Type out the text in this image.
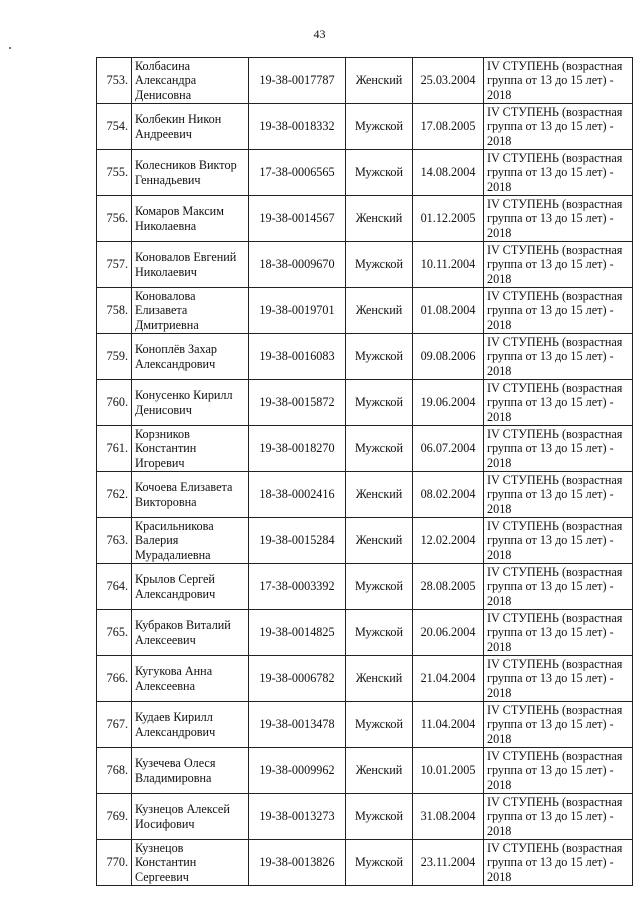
43
753.	Колбасина Александра Денисовна	19-38-0017787	Женский	25.03.2004	IV СТУПЕНЬ (возрастная группа от 13 до 15 лет) - 2018
754.	Колбекин Никон Андреевич	19-38-0018332	Мужской	17.08.2005	IV СТУПЕНЬ (возрастная группа от 13 до 15 лет) - 2018
755.	Колесников Виктор Геннадьевич	17-38-0006565	Мужской	14.08.2004	IV СТУПЕНЬ (возрастная группа от 13 до 15 лет) - 2018
756.	Комаров Максим Николаевна	19-38-0014567	Женский	01.12.2005	IV СТУПЕНЬ (возрастная группа от 13 до 15 лет) - 2018
757.	Коновалов Евгений Николаевич	18-38-0009670	Мужской	10.11.2004	IV СТУПЕНЬ (возрастная группа от 13 до 15 лет) - 2018
758.	Коновалова Елизавета Дмитриевна	19-38-0019701	Женский	01.08.2004	IV СТУПЕНЬ (возрастная группа от 13 до 15 лет) - 2018
759.	Коноплёв Захар Александрович	19-38-0016083	Мужской	09.08.2006	IV СТУПЕНЬ (возрастная группа от 13 до 15 лет) - 2018
760.	Конусенко Кирилл Денисович	19-38-0015872	Мужской	19.06.2004	IV СТУПЕНЬ (возрастная группа от 13 до 15 лет) - 2018
761.	Корзников Константин Игоревич	19-38-0018270	Мужской	06.07.2004	IV СТУПЕНЬ (возрастная группа от 13 до 15 лет) - 2018
762.	Кочоева Елизавета Викторовна	18-38-0002416	Женский	08.02.2004	IV СТУПЕНЬ (возрастная группа от 13 до 15 лет) - 2018
763.	Красильникова Валерия Мурадалиевна	19-38-0015284	Женский	12.02.2004	IV СТУПЕНЬ (возрастная группа от 13 до 15 лет) - 2018
764.	Крылов Сергей Александрович	17-38-0003392	Мужской	28.08.2005	IV СТУПЕНЬ (возрастная группа от 13 до 15 лет) - 2018
765.	Кубраков Виталий Алексеевич	19-38-0014825	Мужской	20.06.2004	IV СТУПЕНЬ (возрастная группа от 13 до 15 лет) - 2018
766.	Кугукова Анна Алексеевна	19-38-0006782	Женский	21.04.2004	IV СТУПЕНЬ (возрастная группа от 13 до 15 лет) - 2018
767.	Кудаев Кирилл Александрович	19-38-0013478	Мужской	11.04.2004	IV СТУПЕНЬ (возрастная группа от 13 до 15 лет) - 2018
768.	Кузечева Олеся Владимировна	19-38-0009962	Женский	10.01.2005	IV СТУПЕНЬ (возрастная группа от 13 до 15 лет) - 2018
769.	Кузнецов Алексей Иосифович	19-38-0013273	Мужской	31.08.2004	IV СТУПЕНЬ (возрастная группа от 13 до 15 лет) - 2018
770.	Кузнецов Константин Сергеевич	19-38-0013826	Мужской	23.11.2004	IV СТУПЕНЬ (возрастная группа от 13 до 15 лет) - 2018
